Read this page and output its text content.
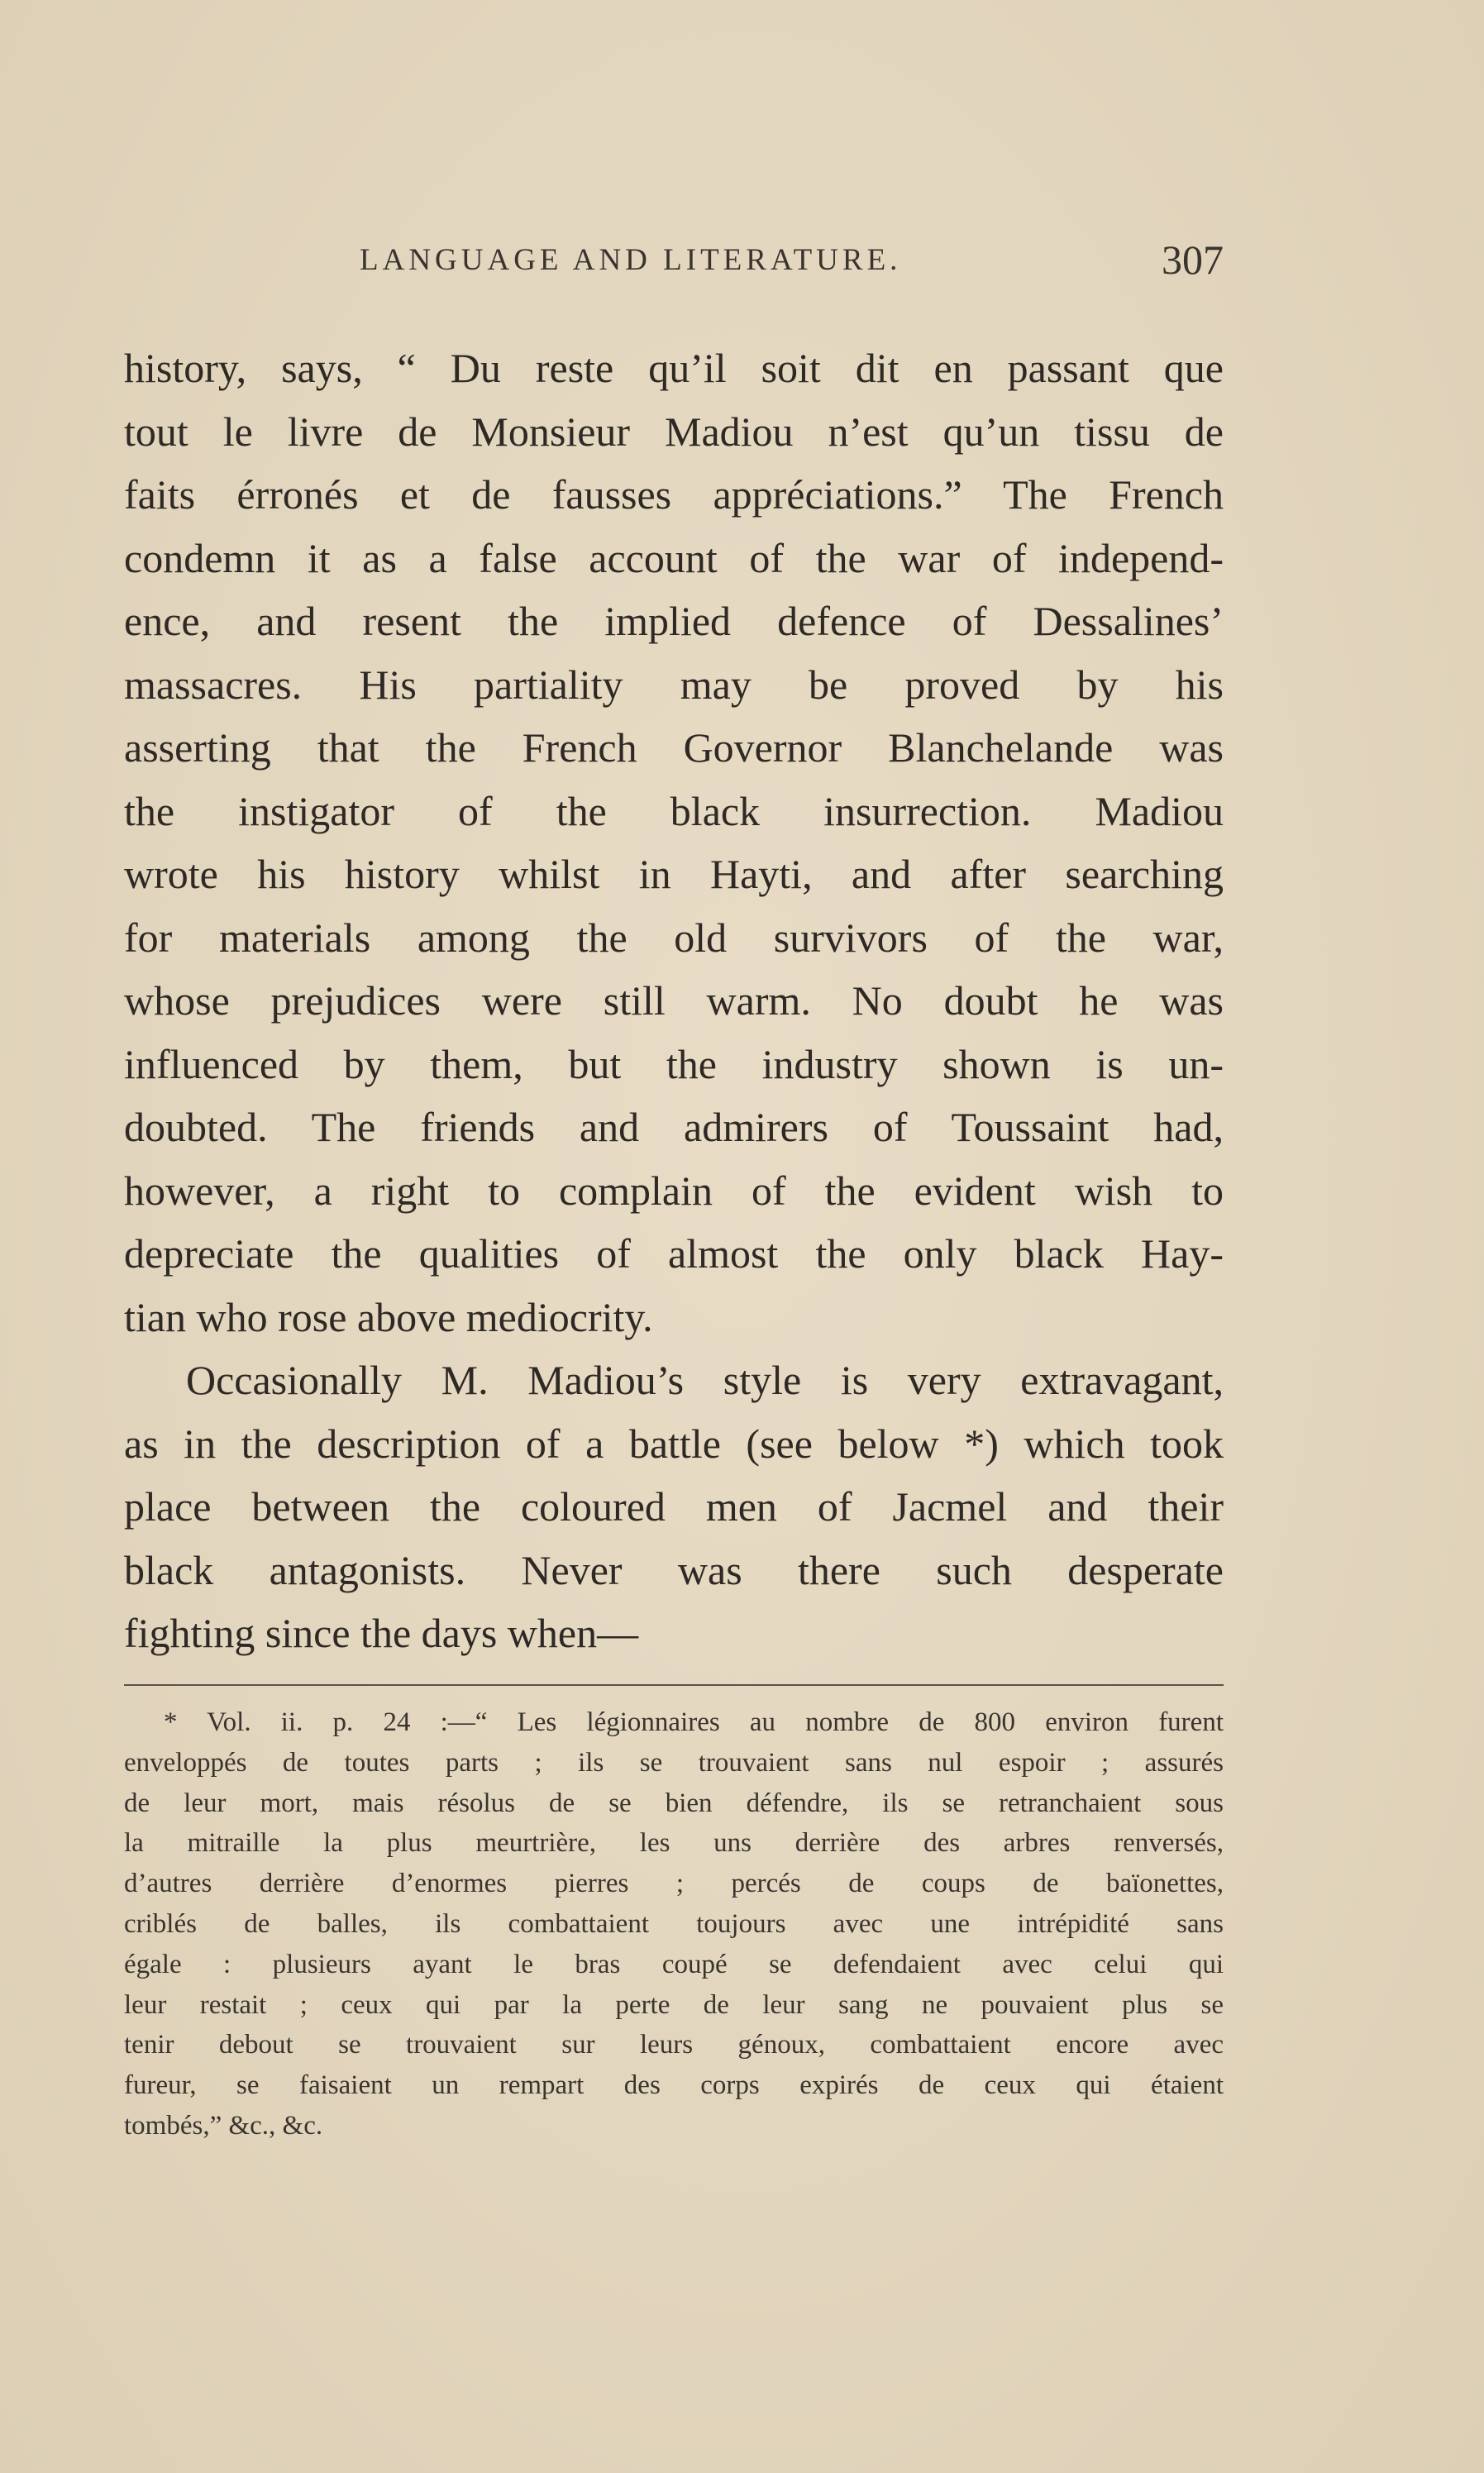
LANGUAGE AND LITERATURE.	307

history, says, “ Du reste qu’il soit dit en passant que
tout le livre de Monsieur Madiou n’est qu’un tissu de
faits érronés et de fausses appréciations.” The French
condemn it as a false account of the war of independ-
ence, and resent the implied defence of Dessalines’
massacres. His partiality may be proved by his
asserting that the French Governor Blanchelande was
the instigator of the black insurrection. Madiou
wrote his history whilst in Hayti, and after searching
for materials among the old survivors of the war,
whose prejudices were still warm. No doubt he was
influenced by them, but the industry shown is un-
doubted. The friends and admirers of Toussaint had,
however, a right to complain of the evident wish to
depreciate the qualities of almost the only black Hay-
tian who rose above mediocrity.

Occasionally M. Madiou’s style is very extravagant,
as in the description of a battle (see below *) which took
place between the coloured men of Jacmel and their
black antagonists. Never was there such desperate
fighting since the days when—

* Vol. ii. p. 24 :—“ Les légionnaires au nombre de 800 environ furent
enveloppés de toutes parts ; ils se trouvaient sans nul espoir ; assurés
de leur mort, mais résolus de se bien défendre, ils se retranchaient sous
la mitraille la plus meurtrière, les uns derrière des arbres renversés,
d’autres derrière d’enormes pierres ; percés de coups de baïonettes,
criblés de balles, ils combattaient toujours avec une intrépidité sans
égale : plusieurs ayant le bras coupé se defendaient avec celui qui
leur restait ; ceux qui par la perte de leur sang ne pouvaient plus se
tenir debout se trouvaient sur leurs génoux, combattaient encore avec
fureur, se faisaient un rempart des corps expirés de ceux qui étaient
tombés,” &c., &c.
